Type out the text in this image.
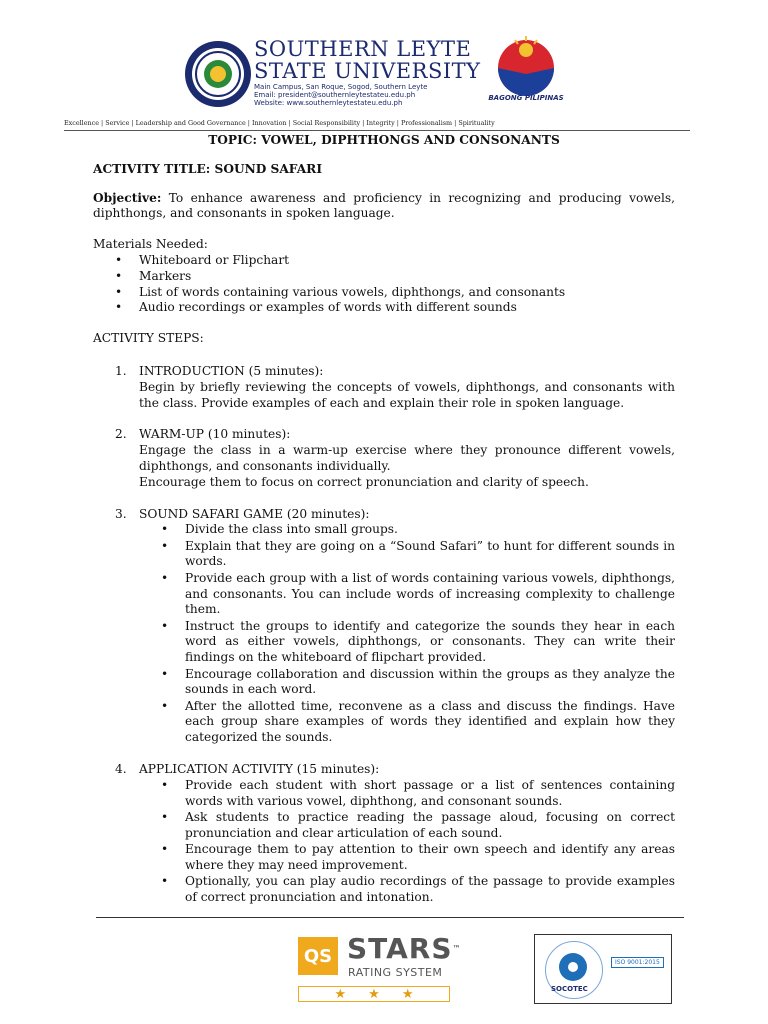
SOUTHERN LEYTE
STATE UNIVERSITY
Main Campus, San Roque, Sogod, Southern Leyte
Email: president@southernleytestateu.edu.ph
Website: www.southernleytestateu.edu.ph
BAGONG PILIPINAS
Excellence | Service | Leadership and Good Governance | Innovation | Social Responsibility | Integrity | Professionalism | Spirituality

TOPIC: VOWEL, DIPHTHONGS AND CONSONANTS

ACTIVITY TITLE: SOUND SAFARI

Objective: To enhance awareness and proficiency in recognizing and producing vowels, diphthongs, and consonants in spoken language.

Materials Needed:

• Whiteboard or Flipchart
• Markers
• List of words containing various vowels, diphthongs, and consonants
• Audio recordings or examples of words with different sounds

ACTIVITY STEPS:

1. INTRODUCTION (5 minutes):
Begin by briefly reviewing the concepts of vowels, diphthongs, and consonants with the class. Provide examples of each and explain their role in spoken language.
2. WARM-UP (10 minutes):
Engage the class in a warm-up exercise where they pronounce different vowels, diphthongs, and consonants individually.
Encourage them to focus on correct pronunciation and clarity of speech.
3. SOUND SAFARI GAME (20 minutes):
• Divide the class into small groups.
• Explain that they are going on a “Sound Safari” to hunt for different sounds in words.
• Provide each group with a list of words containing various vowels, diphthongs, and consonants. You can include words of increasing complexity to challenge them.
• Instruct the groups to identify and categorize the sounds they hear in each word as either vowels, diphthongs, or consonants. They can write their findings on the whiteboard of flipchart provided.
• Encourage collaboration and discussion within the groups as they analyze the sounds in each word.
• After the allotted time, reconvene as a class and discuss the findings. Have each group share examples of words they identified and explain how they categorized the sounds.
4. APPLICATION ACTIVITY (15 minutes):
• Provide each student with short passage or a list of sentences containing words with various vowel, diphthong, and consonant sounds.
• Ask students to practice reading the passage aloud, focusing on correct pronunciation and clear articulation of each sound.
• Encourage them to pay attention to their own speech and identify any areas where they may need improvement.
• Optionally, you can play audio recordings of the passage to provide examples of correct pronunciation and intonation.
QS STARS™
RATING SYSTEM
★ ★ ★	SOCOTEC
ISO 9001:2015
